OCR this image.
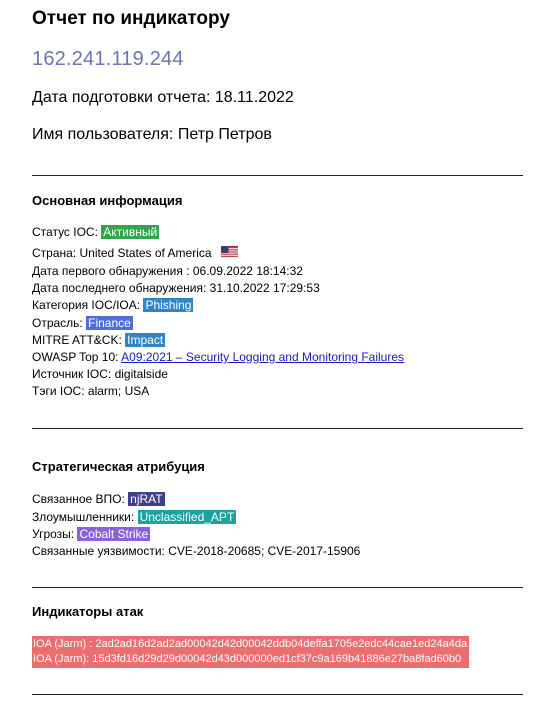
Отчет по индикатору
162.241.119.244
Дата подготовки отчета: 18.11.2022
Имя пользователя: Петр Петров
Основная информация
Статус IOC: Активный
Страна: United States of America
Дата первого обнаружения : 06.09.2022 18:14:32
Дата последнего обнаружения: 31.10.2022 17:29:53
Категория IOC/IOA: Phishing
Отрасль: Finance
MITRE ATT&CK: Impact
OWASP Top 10: A09:2021 – Security Logging and Monitoring Failures
Источник IOC: digitalside
Тэги IOC: alarm; USA
Стратегическая атрибуция
Связанное ВПО: njRAT
Злоумышленники: Unclassified_APT
Угрозы: Cobalt Strike
Связанные уязвимости: CVE-2018-20685; CVE-2017-15906
Индикаторы атак
IOA (Jarm) : 2ad2ad16d2ad2ad00042d42d00042ddb04deffa1705e2edc44cae1ed24a4da
IOA (Jarm): 15d3fd16d29d29d00042d43d000000ed1cf37c9a169b41886e27ba8fad60b0
